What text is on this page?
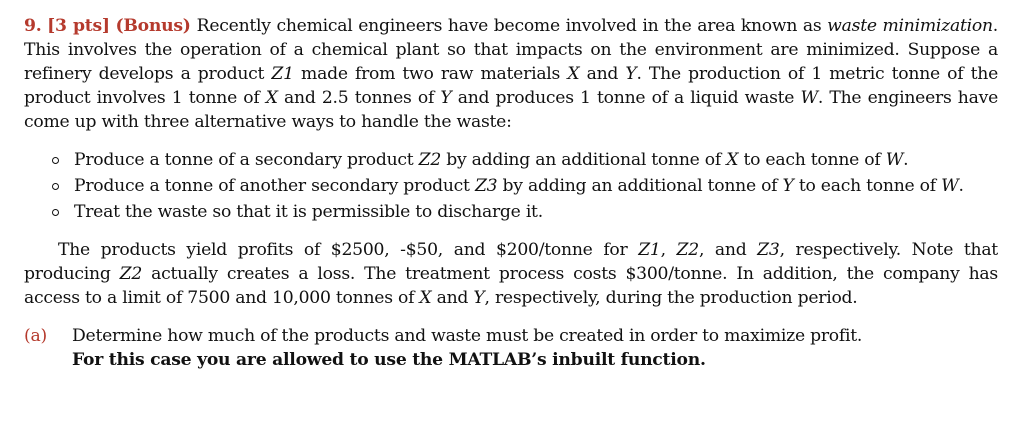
9. [3 pts] (Bonus) Recently chemical engineers have become involved in the area known as waste minimization. This involves the operation of a chemical plant so that impacts on the environment are minimized. Suppose a refinery develops a product Z1 made from two raw materials X and Y. The production of 1 metric tonne of the product involves 1 tonne of X and 2.5 tonnes of Y and produces 1 tonne of a liquid waste W. The engineers have come up with three alternative ways to handle the waste:

Produce a tonne of a secondary product Z2 by adding an additional tonne of X to each tonne of W.
Produce a tonne of another secondary product Z3 by adding an additional tonne of Y to each tonne of W.
Treat the waste so that it is permissible to discharge it.

The products yield profits of $2500, -$50, and $200/tonne for Z1, Z2, and Z3, respectively. Note that producing Z2 actually creates a loss. The treatment process costs $300/tonne. In addition, the company has access to a limit of 7500 and 10,000 tonnes of X and Y, respectively, during the production period.

(a) Determine how much of the products and waste must be created in order to maximize profit.
For this case you are allowed to use the MATLAB’s inbuilt function.
